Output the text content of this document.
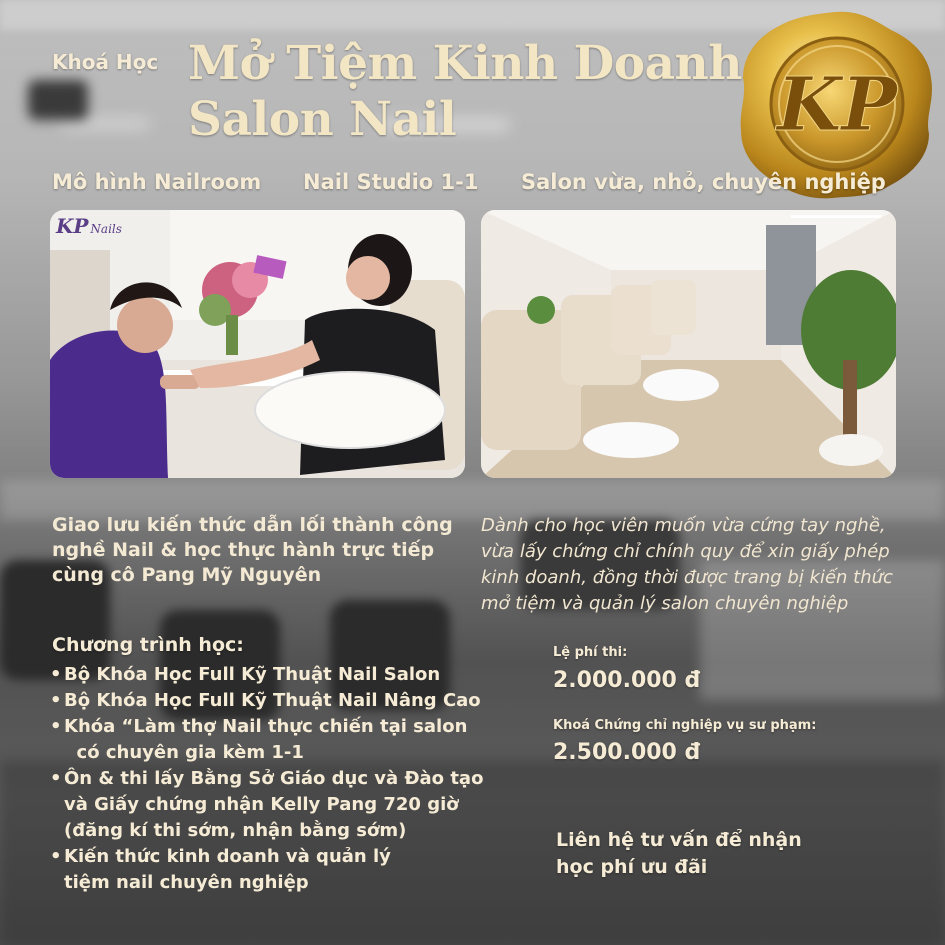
Khoá Học Mở Tiệm Kinh Doanh
Salon Nail	KP
Mô hình Nailroom Nail Studio 1-1 Salon vừa, nhỏ, chuyên nghiệp
KP Nails
Giao lưu kiến thức dẫn lối thành công
nghề Nail & học thực hành trực tiếp
cùng cô Pang Mỹ Nguyên
Dành cho học viên muốn vừa cứng tay nghề,
vừa lấy chứng chỉ chính quy để xin giấy phép
kinh doanh, đồng thời được trang bị kiến thức
mở tiệm và quản lý salon chuyên nghiệp
Chương trình học:
• Bộ Khóa Học Full Kỹ Thuật Nail Salon
• Bộ Khóa Học Full Kỹ Thuật Nail Nâng Cao
• Khóa “Làm thợ Nail thực chiến tại salon
có chuyên gia kèm 1-1
• Ôn & thi lấy Bằng Sở Giáo dục và Đào tạo
và Giấy chứng nhận Kelly Pang 720 giờ
(đăng kí thi sớm, nhận bằng sớm)
• Kiến thức kinh doanh và quản lý
tiệm nail chuyên nghiệp
Lệ phí thi:
2.000.000 đ
Khoá Chứng chỉ nghiệp vụ sư phạm:
2.500.000 đ
Liên hệ tư vấn để nhận
học phí ưu đãi
